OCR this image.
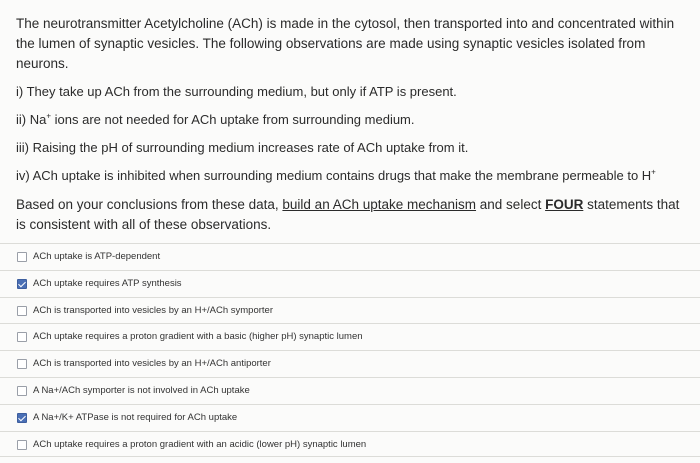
The neurotransmitter Acetylcholine (ACh) is made in the cytosol, then transported into and concentrated within the lumen of synaptic vesicles. The following observations are made using synaptic vesicles isolated from neurons.

i) They take up ACh from the surrounding medium, but only if ATP is present.

ii) Na+ ions are not needed for ACh uptake from surrounding medium.

iii) Raising the pH of surrounding medium increases rate of ACh uptake from it.

iv) ACh uptake is inhibited when surrounding medium contains drugs that make the membrane permeable to H+

Based on your conclusions from these data, build an ACh uptake mechanism and select FOUR statements that is consistent with all of these observations.

ACh uptake is ATP-dependent
ACh uptake requires ATP synthesis
ACh is transported into vesicles by an H+/ACh symporter
ACh uptake requires a proton gradient with a basic (higher pH) synaptic lumen
ACh is transported into vesicles by an H+/ACh antiporter
A Na+/ACh symporter is not involved in ACh uptake
A Na+/K+ ATPase is not required for ACh uptake
ACh uptake requires a proton gradient with an acidic (lower pH) synaptic lumen
